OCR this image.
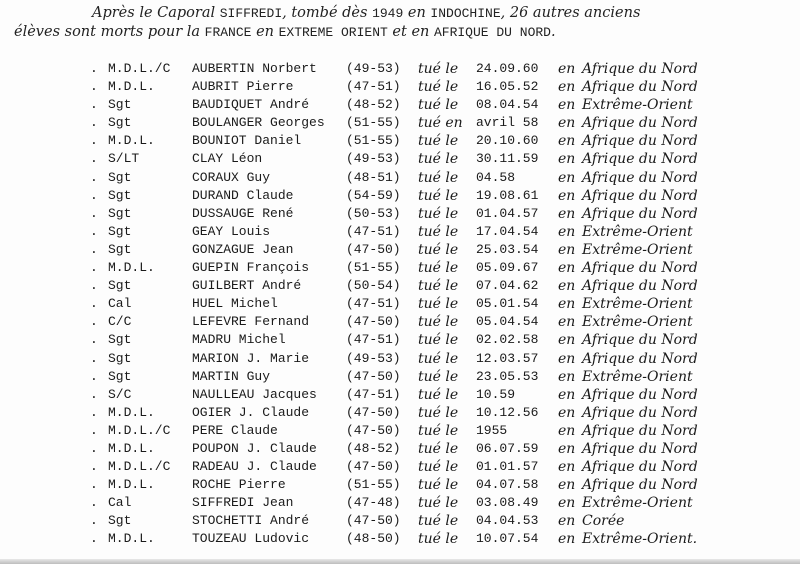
Après le Caporal SIFFREDI, tombé dès 1949 en INDOCHINE, 26 autres anciens
élèves sont morts pour la FRANCE en EXTREME ORIENT et en AFRIQUE DU NORD.
. M.D.L./C AUBERTIN Norbert (49-53) tué le 24.09.60 en Afrique du Nord
. M.D.L.	AUBRIT Pierre	(47-51) tué le 16.05.52 en Afrique du Nord
. Sgt	BAUDIQUET André	(48-52) tué le 08.04.54 en Extrême-Orient
. Sgt	BOULANGER Georges (51-55) tué en avril 58 en Afrique du Nord
. M.D.L.	BOUNIOT Daniel	(51-55) tué le 20.10.60 en Afrique du Nord
. S/LT	CLAY Léon	(49-53) tué le 30.11.59 en Afrique du Nord
. Sgt	CORAUX Guy	(48-51) tué le 04.58	en Afrique du Nord
. Sgt	DURAND Claude	(54-59) tué le 19.08.61 en Afrique du Nord
. Sgt	DUSSAUGE René	(50-53) tué le 01.04.57 en Afrique du Nord
. Sgt	GEAY Louis	(47-51) tué le 17.04.54 en Extrême-Orient
. Sgt	GONZAGUE Jean	(47-50) tué le 25.03.54 en Extrême-Orient
. M.D.L.	GUEPIN François	(51-55) tué le 05.09.67 en Afrique du Nord
. Sgt	GUILBERT André	(50-54) tué le 07.04.62 en Afrique du Nord
. Cal	HUEL Michel	(47-51) tué le 05.01.54 en Extrême-Orient
. C/C	LEFEVRE Fernand	(47-50) tué le 05.04.54 en Extrême-Orient
. Sgt	MADRU Michel	(47-51) tué le 02.02.58 en Afrique du Nord
. Sgt	MARION J. Marie	(49-53) tué le 12.03.57 en Afrique du Nord
. Sgt	MARTIN Guy	(47-50) tué le 23.05.53 en Extrême-Orient
. S/C	NAULLEAU Jacques (47-51) tué le 10.59	en Afrique du Nord
. M.D.L.	OGIER J. Claude	(47-50) tué le 10.12.56 en Afrique du Nord
. M.D.L./C PERE Claude	(47-50) tué le 1955	en Afrique du Nord
. M.D.L.	POUPON J. Claude (48-52) tué le 06.07.59 en Afrique du Nord
. M.D.L./C RADEAU J. Claude (47-50) tué le 01.01.57 en Afrique du Nord
. M.D.L.	ROCHE Pierre	(51-55) tué le 04.07.58 en Afrique du Nord
. Cal	SIFFREDI Jean	(47-48) tué le 03.08.49 en Extrême-Orient
. Sgt	STOCHETTI André	(47-50) tué le 04.04.53 en Corée
. M.D.L.	TOUZEAU Ludovic	(48-50) tué le 10.07.54 en Extrême-Orient.
